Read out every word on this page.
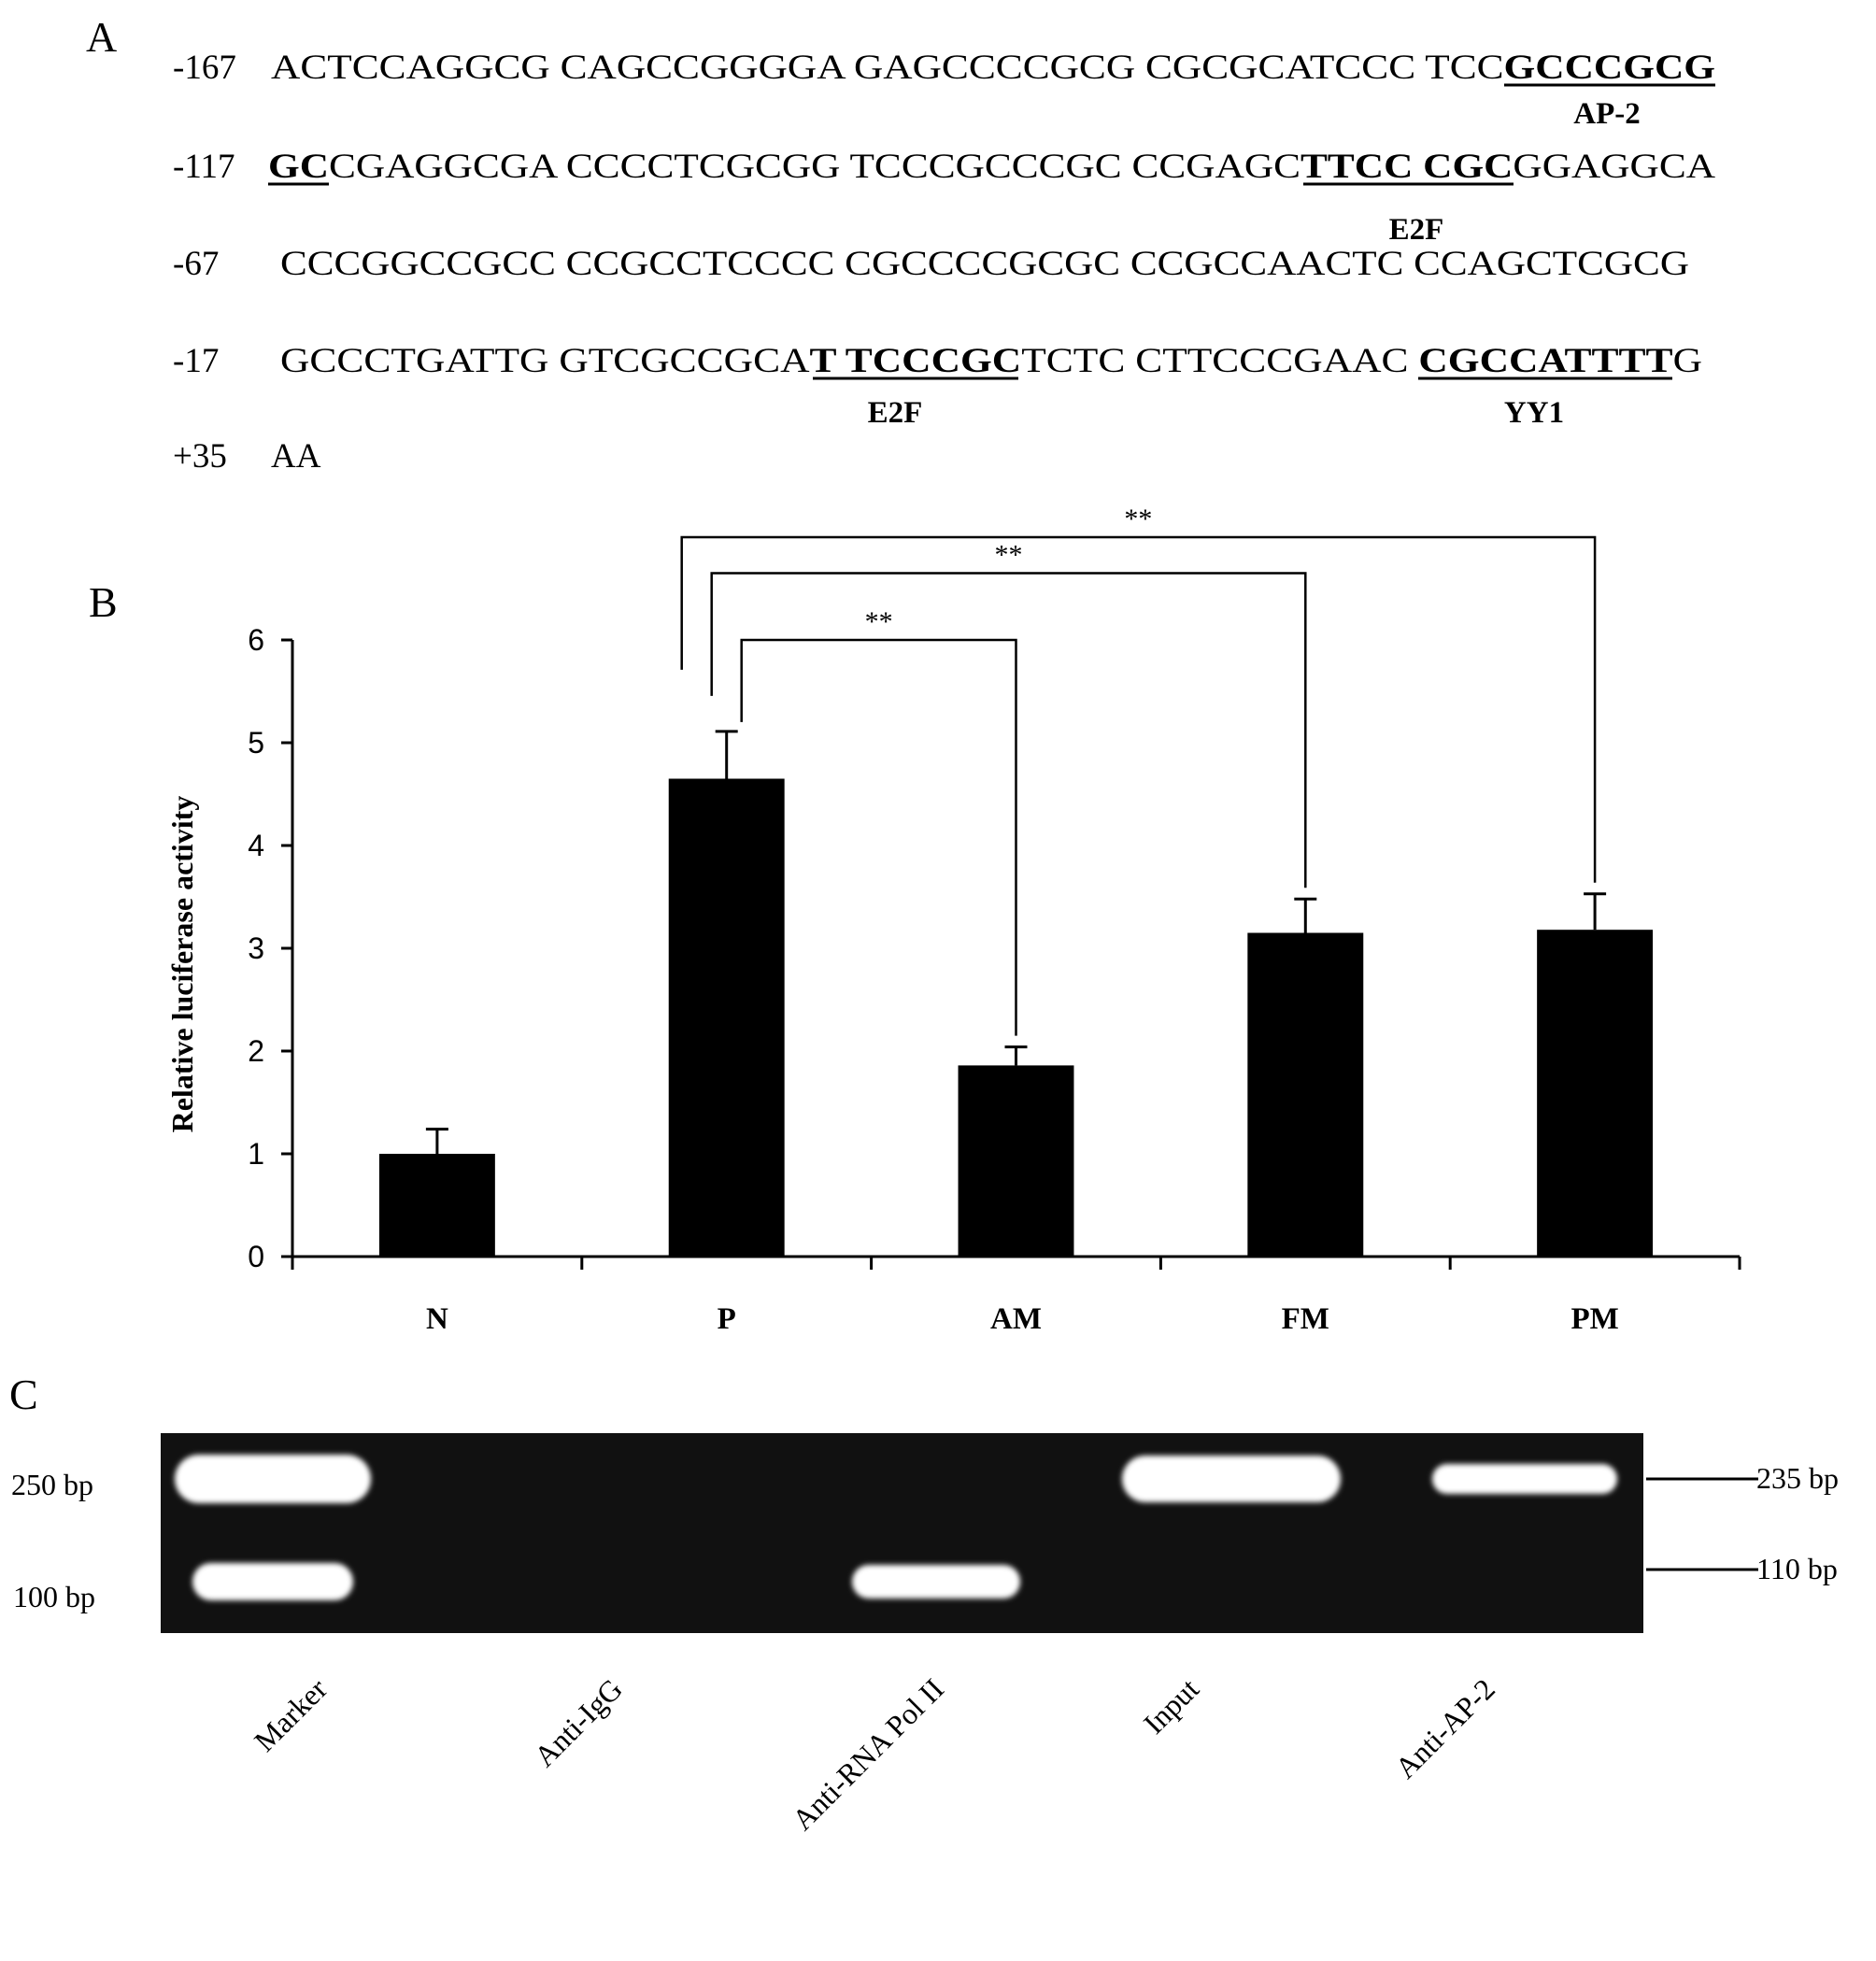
A
-167 ACTCCAGGCG CAGCCGGGGA GAGCCCCGCG CGCGCATCCC TCC	GCCCGCG
-117 GC CGAGGCGA CCCCTCGCGG TCCCGCCCGC CCGAGC	TTCC CGC GGAGGCA
-67 CCCGGCCGCC CCGCCTCCCC CGCCCCGCGC CCGCCAACTC CCAGCTCGCG
-17 GCCCTGATTG GTCGCCGCA T TCCCGC TCTC CTTCCCGAAC CGCCATTTT G
+35 AA
AP-2
E2F
E2F	YY1
B
Relative luciferase activity
0
1
2
3
4
5
6
N	P	AM	FM	PM
**
**
**
C
250 bp
100 bp
235 bp
110 bp
Marker	Anti-IgG	Anti-RNA Pol II	Input	Anti-AP-2
